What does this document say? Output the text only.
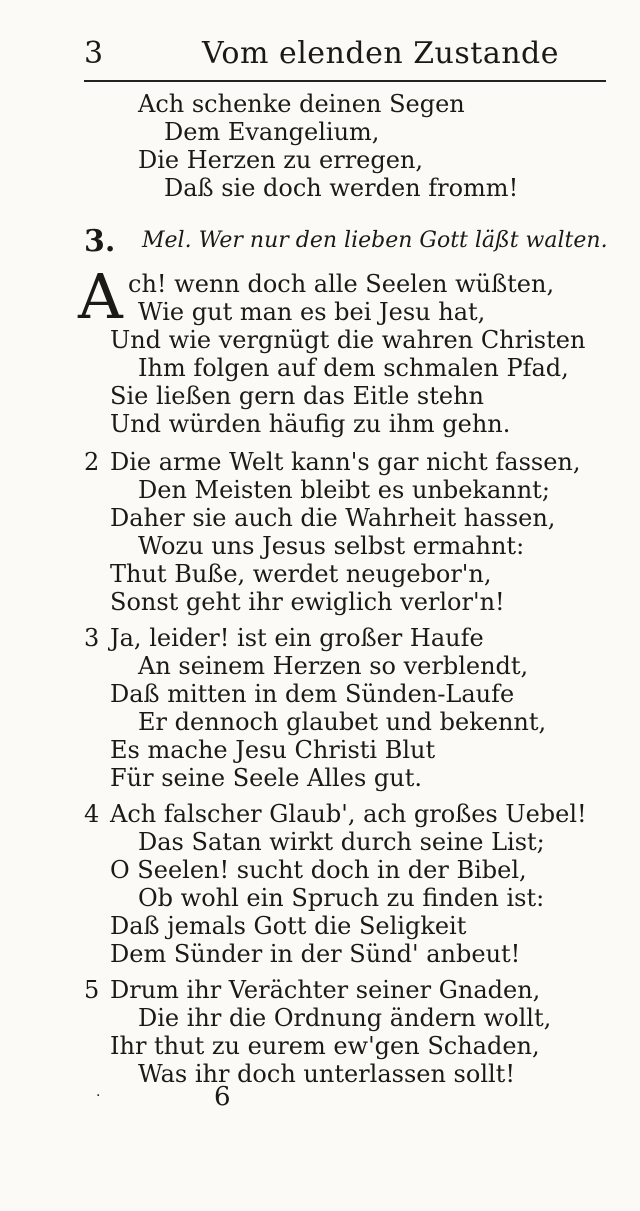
3	Vom elenden Zustande
Ach schenke deinen Segen
Dem Evangelium,
Die Herzen zu erregen,
Daß sie doch werden fromm!
3. Mel. Wer nur den lieben Gott läßt walten.
A ch! wenn doch alle Seelen wüßten,
Wie gut man es bei Jesu hat,
Und wie vergnügt die wahren Christen
Ihm folgen auf dem schmalen Pfad,
Sie ließen gern das Eitle stehn
Und würden häufig zu ihm gehn.
2 Die arme Welt kann's gar nicht fassen,
Den Meisten bleibt es unbekannt;
Daher sie auch die Wahrheit hassen,
Wozu uns Jesus selbst ermahnt:
Thut Buße, werdet neugebor'n,
Sonst geht ihr ewiglich verlor'n!
3 Ja, leider! ist ein großer Haufe
An seinem Herzen so verblendt,
Daß mitten in dem Sünden-Laufe
Er dennoch glaubet und bekennt,
Es mache Jesu Christi Blut
Für seine Seele Alles gut.
4 Ach falscher Glaub', ach großes Uebel!
Das Satan wirkt durch seine List;
O Seelen! sucht doch in der Bibel,
Ob wohl ein Spruch zu finden ist:
Daß jemals Gott die Seligkeit
Dem Sünder in der Sünd' anbeut!
5 Drum ihr Verächter seiner Gnaden,
Die ihr die Ordnung ändern wollt,
Ihr thut zu eurem ew'gen Schaden,
Was ihr doch unterlassen sollt!
·	6
